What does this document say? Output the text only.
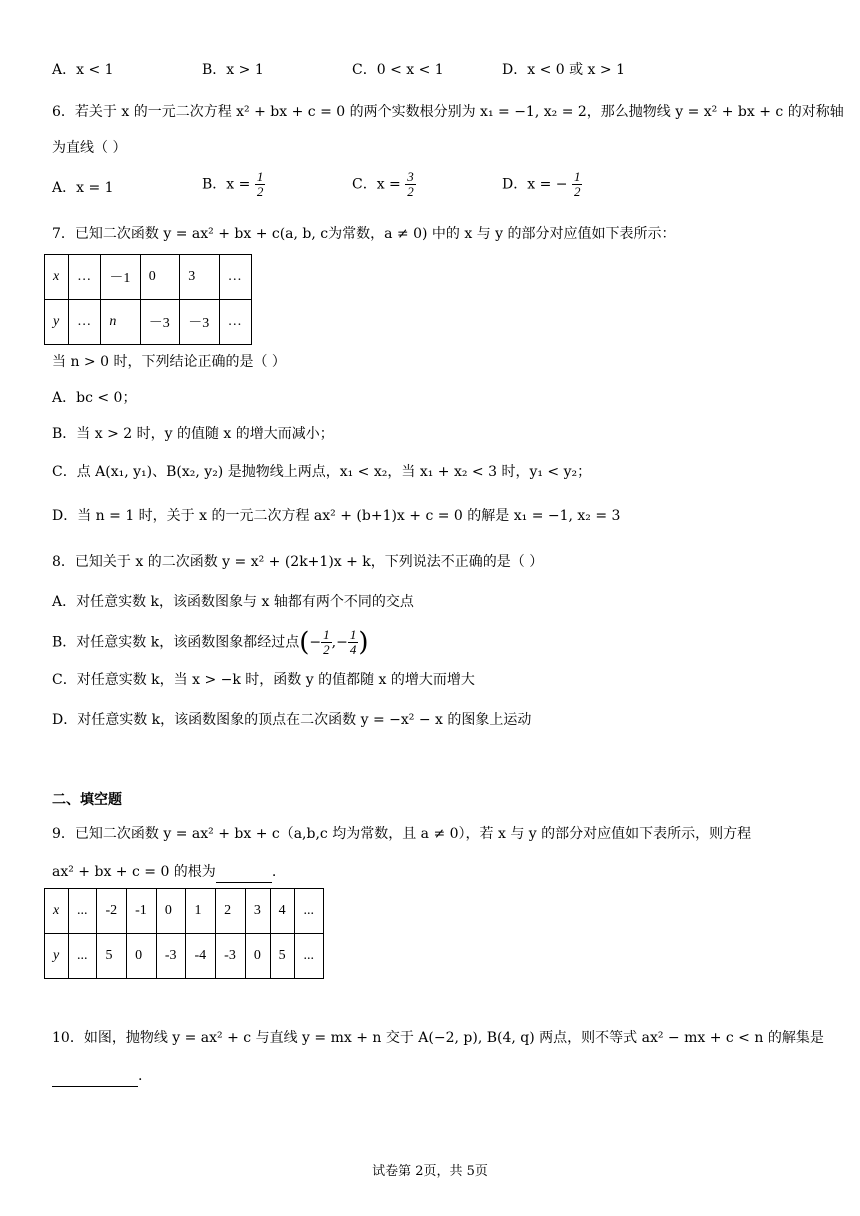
A．x < 1	B．x > 1	C．0 < x < 1	D．x < 0 或 x > 1
6．若关于 x 的一元二次方程 x² + bx + c = 0 的两个实数根分别为 x₁ = −1, x₂ = 2，那么抛物线 y = x² + bx + c 的对称轴
为直线（ ）
A．x = 1	B．$x = \frac{1}{2}$	C．$x = \frac{3}{2}$	D．x = − $\frac{1}{2}$
7．已知二次函数 y = ax² + bx + c(a, b, c为常数，a ≠ 0) 中的 x 与 y 的部分对应值如下表所示：
x	…	－1	0	3	…
y	…	n	－3	－3	…
当 n > 0 时，下列结论正确的是（ ）
A．bc < 0；
B．当 x > 2 时，y 的值随 x 的增大而减小；
C．点 A(x₁, y₁)、B(x₂, y₂) 是抛物线上两点，x₁ < x₂，当 x₁ + x₂ < 3 时，y₁ < y₂；
D．当 n = 1 时，关于 x 的一元二次方程 ax² + (b+1)x + c = 0 的解是 x₁ = −1, x₂ = 3
8．已知关于 x 的二次函数 y = x² + (2k+1)x + k，下列说法不正确的是（ ）
A．对任意实数 k，该函数图象与 x 轴都有两个不同的交点
B．对任意实数 k，该函数图象都经过点(− $\frac{1}{2}$ ,− $\frac{1}{4}$ )
C．对任意实数 k，当 x > −k 时，函数 y 的值都随 x 的增大而增大
D．对任意实数 k，该函数图象的顶点在二次函数 y = −x² − x 的图象上运动
二、填空题
9．已知二次函数 y = ax² + bx + c（a,b,c 均为常数，且 a ≠ 0），若 x 与 y 的部分对应值如下表所示，则方程
ax² + bx + c = 0 的根为	.
x	...	-2	-1	0	1	2	3	4	...
y	...	5	0	-3	-4	-3	0	5	...
10．如图，抛物线 y = ax² + c 与直线 y = mx + n 交于 A(−2, p), B(4, q) 两点，则不等式 ax² − mx + c < n 的解集是
.
试卷第 2页，共 5页
